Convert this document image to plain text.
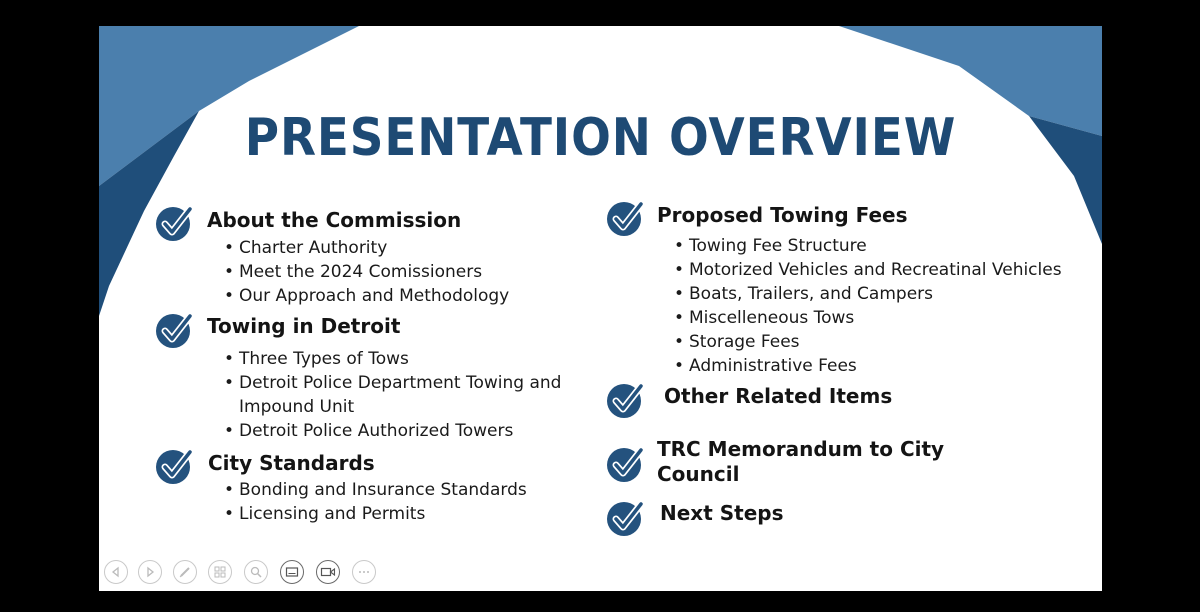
PRESENTATION OVERVIEW
About the Commission
• Charter Authority
• Meet the 2024 Comissioners
• Our Approach and Methodology
Towing in Detroit
• Three Types of Tows
• Detroit Police Department Towing and Impound Unit
• Detroit Police Authorized Towers
City Standards
• Bonding and Insurance Standards
• Licensing and Permits
Proposed Towing Fees
• Towing Fee Structure
• Motorized Vehicles and Recreatinal Vehicles
• Boats, Trailers, and Campers
• Miscelleneous Tows
• Storage Fees
• Administrative Fees
Other Related Items
TRC Memorandum to City Council
Next Steps
